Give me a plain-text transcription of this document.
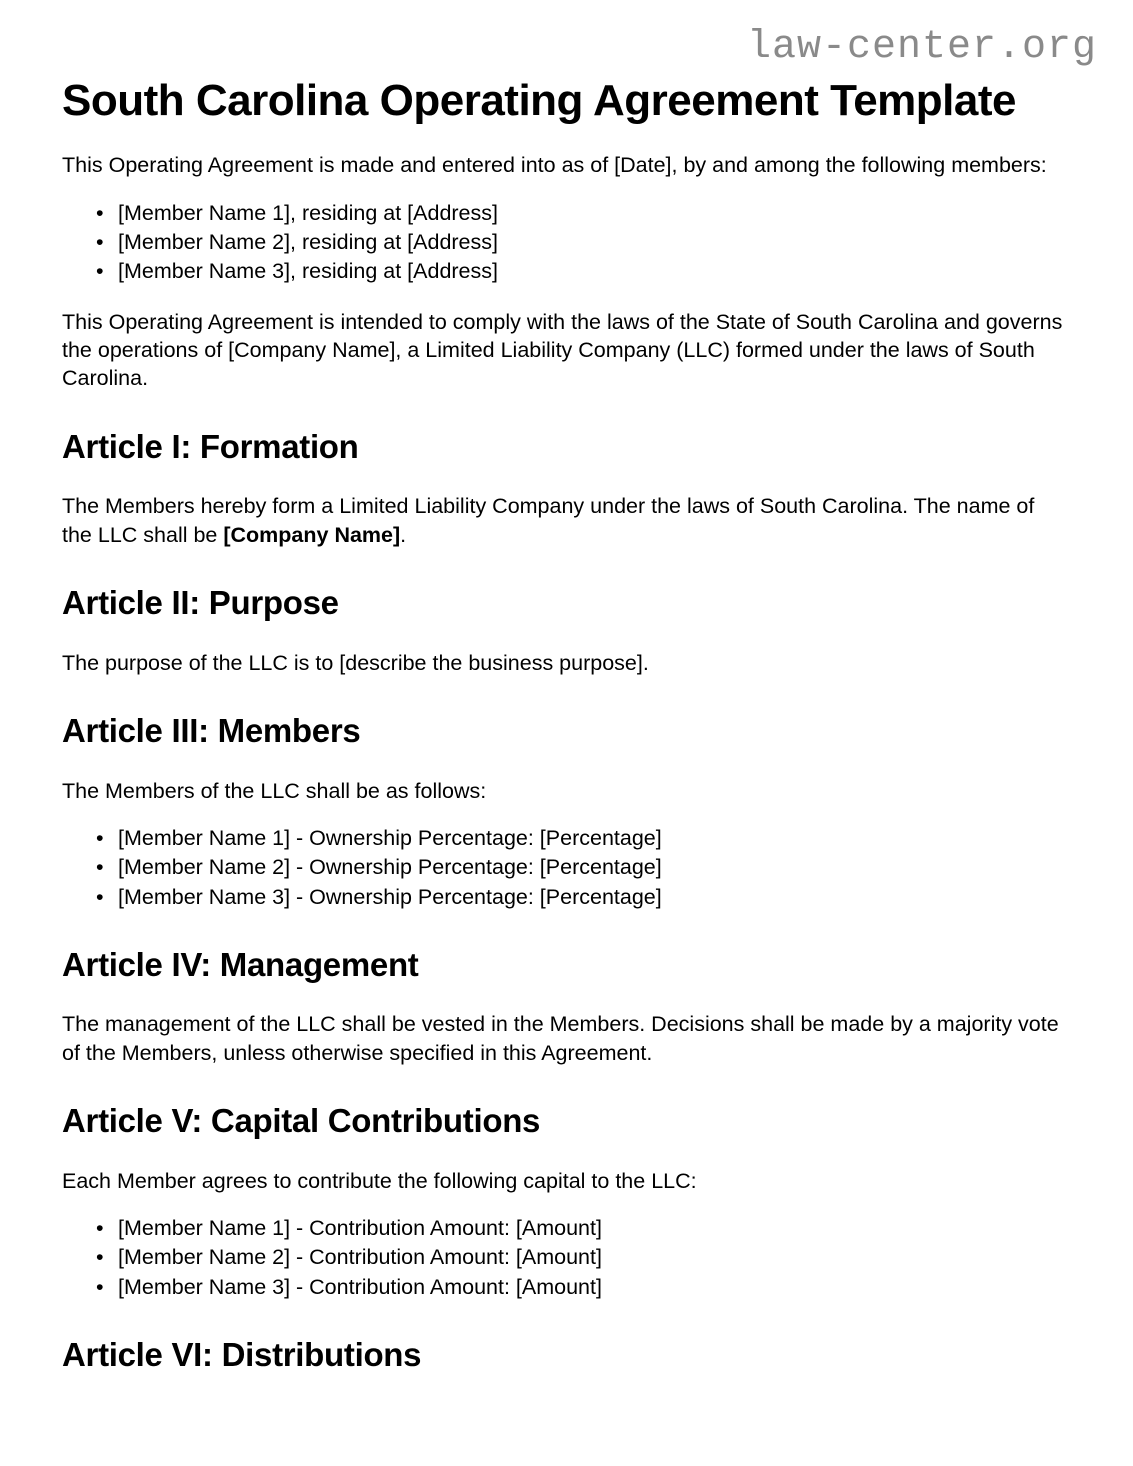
law-center.org
South Carolina Operating Agreement Template

This Operating Agreement is made and entered into as of [Date], by and among the following members:

• [Member Name 1], residing at [Address]
• [Member Name 2], residing at [Address]
• [Member Name 3], residing at [Address]

This Operating Agreement is intended to comply with the laws of the State of South Carolina and governs the operations of [Company Name], a Limited Liability Company (LLC) formed under the laws of South Carolina.

Article I: Formation

The Members hereby form a Limited Liability Company under the laws of South Carolina. The name of the LLC shall be [Company Name].

Article II: Purpose

The purpose of the LLC is to [describe the business purpose].

Article III: Members

The Members of the LLC shall be as follows:

• [Member Name 1] - Ownership Percentage: [Percentage]
• [Member Name 2] - Ownership Percentage: [Percentage]
• [Member Name 3] - Ownership Percentage: [Percentage]
Article IV: Management

The management of the LLC shall be vested in the Members. Decisions shall be made by a majority vote of the Members, unless otherwise specified in this Agreement.

Article V: Capital Contributions

Each Member agrees to contribute the following capital to the LLC:

• [Member Name 1] - Contribution Amount: [Amount]
• [Member Name 2] - Contribution Amount: [Amount]
• [Member Name 3] - Contribution Amount: [Amount]
Article VI: Distributions
